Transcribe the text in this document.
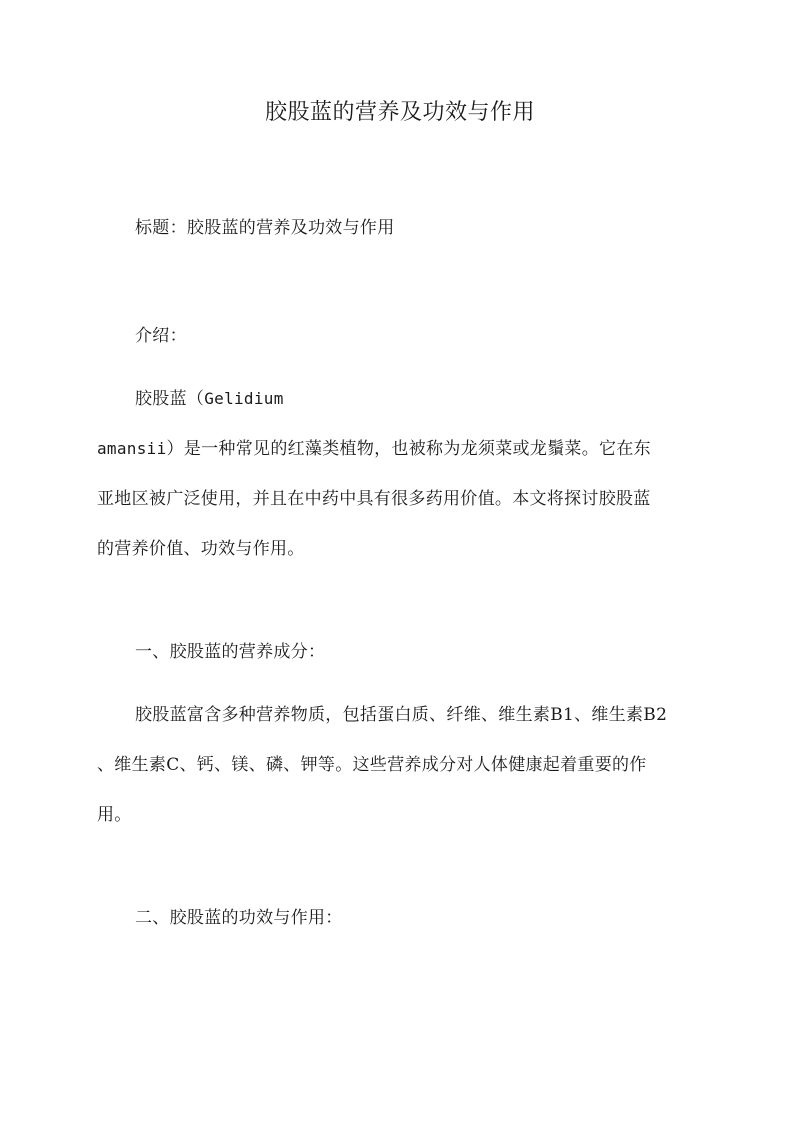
胶股蓝的营养及功效与作用
标题：胶股蓝的营养及功效与作用
介绍：
胶股蓝（Gelidium
amansii）是一种常见的红藻类植物，也被称为龙须菜或龙鬚菜。它在东
亚地区被广泛使用，并且在中药中具有很多药用价值。本文将探讨胶股蓝
的营养价值、功效与作用。
一、胶股蓝的营养成分：
胶股蓝富含多种营养物质，包括蛋白质、纤维、维生素B1、维生素B2
、维生素C、钙、镁、磷、钾等。这些营养成分对人体健康起着重要的作
用。
二、胶股蓝的功效与作用：
